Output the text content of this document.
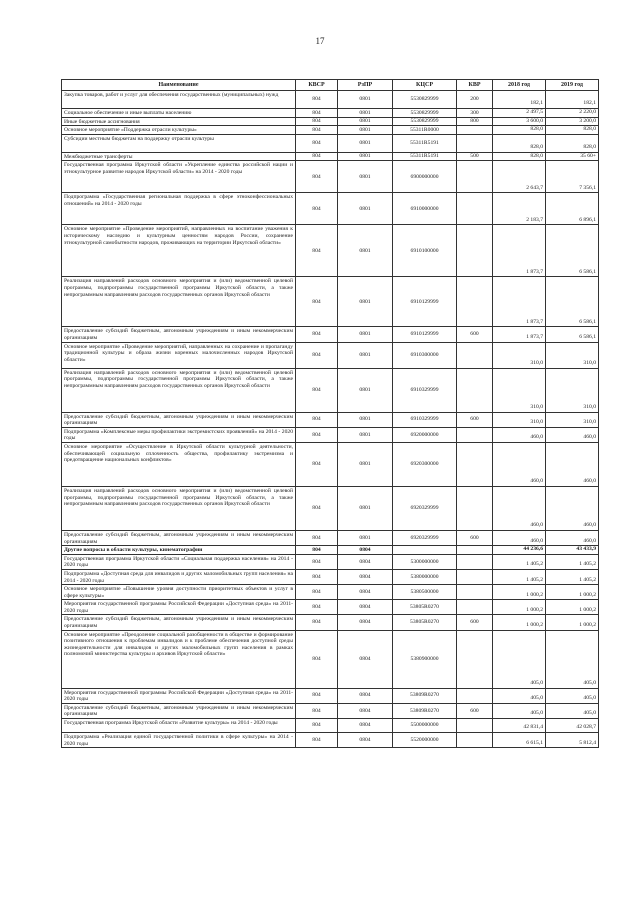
17
Наименование	КВСР	РзПР	КЦСР	КВР	2018 год	2019 год
Закупка товаров, работ и услуг для обеспечения государственных (муниципальных) нужд	804	0801	5530829999	200	182,1	182,1
Социальное обеспечение и иные выплаты населению	804	0801	5530829999	300	2 497,5	2 220,0
Иные бюджетные ассигнования	804	0801	5530829999	800	3 600,0	3 200,0
Основное мероприятие «Поддержка отрасли культуры»	804	0801	55311R0000		828,0	828,0
Субсидии местным бюджетам на поддержку отрасли культуры	804	0801	55311R5191		828,0	828,0
Межбюджетные трансферты	804	0801	55311R5191	500	828,0	35 60+
Государственная программа Иркутской области «Укрепление единства российской нации и этнокультурное развитие народов Иркутской области» на 2014 - 2020 годы	804	0801	6900000000		2 643,7	7 356,1
Подпрограмма «Государственная региональная поддержка в сфере этноконфессиональных отношений» на 2014 - 2020 годы	804	0801	6910000000		2 183,7	6 896,1
Основное мероприятие «Проведение мероприятий, направленных на воспитание уважения к историческому наследию и культурным ценностям народов России, сохранение этнокультурной самобытности народов, проживающих на территории Иркутской области»	804	0801	6910100000		1 873,7	6 586,1
Реализация направлений расходов основного мероприятия и (или) ведомственной целевой программы, подпрограммы государственной программы Иркутской области, а также непрограммным направлениям расходов государственных органов Иркутской области	804	0801	6910129999		1 873,7	6 586,1
Предоставление субсидий бюджетным, автономным учреждениям и иным некоммерческим организациям	804	0801	6910129999	600	1 873,7	6 586,1
Основное мероприятие «Проведение мероприятий, направленных на сохранение и пропаганду традиционной культуры и образа жизни коренных малочисленных народов Иркутской области»	804	0801	6910300000		310,0	310,0
Реализация направлений расходов основного мероприятия и (или) ведомственной целевой программы, подпрограммы государственной программы Иркутской области, а также непрограммным направлениям расходов государственных органов Иркутской области	804	0801	6910329999		310,0	310,0
Предоставление субсидий бюджетным, автономным учреждениям и иным некоммерческим организациям	804	0801	6910329999	600	310,0	310,0
Подпрограмма «Комплексные меры профилактики экстремистских проявлений» на 2014 - 2020 годы	804	0801	6920000000		460,0	460,0
Основное мероприятие «Осуществление в Иркутской области культурной деятельности, обеспечивающей социальную сплоченность общества, профилактику экстремизма и предотвращение национальных конфликтов»	804	0801	6920300000		460,0	460,0
Реализация направлений расходов основного мероприятия и (или) ведомственной целевой программы, подпрограммы государственной программы Иркутской области, а также непрограммным направлениям расходов государственных органов Иркутской области	804	0801	6920329999		460,0	460,0
Предоставление субсидий бюджетным, автономным учреждениям и иным некоммерческим организациям	804	0801	6920329999	600	460,0	460,0
Другие вопросы в области культуры, кинематографии	804	0804			44 236,6	43 433,9
Государственная программа Иркутской области «Социальная поддержка населения» на 2014 - 2020 годы	804	0804	5300000000		1 405,2	1 405,2
Подпрограмма «Доступная среда для инвалидов и других маломобильных групп населения» на 2014 - 2020 годы	804	0804	5380000000		1 405,2	1 405,2
Основное мероприятие «Повышение уровня доступности приоритетных объектов и услуг в сфере культуры»	804	0804	5380500000		1 000,2	1 000,2
Мероприятия государственной программы Российской Федерации «Доступная среда» на 2011-2020 годы	804	0804	53805R0270		1 000,2	1 000,2
Предоставление субсидий бюджетным, автономным учреждениям и иным некоммерческим организациям	804	0804	53805R0270	600	1 000,2	1 000,2
Основное мероприятие «Преодоление социальной разобщенности в обществе и формирование позитивного отношения к проблемам инвалидов и к проблеме обеспечения доступной среды жизнедеятельности для инвалидов и других маломобильных групп населения в рамках полномочий министерства культуры и архивов Иркутской области»	804	0804	5380900000		405,0	405,0
Мероприятия государственной программы Российской Федерации «Доступная среда» на 2011-2020 годы	804	0804	53809R0270		405,0	405,0
Предоставление субсидий бюджетным, автономным учреждениям и иным некоммерческим организациям	804	0804	53809R0270	600	405,0	405,0
Государственная программа Иркутской области «Развитие культуры» на 2014 - 2020 годы	804	0804	5500000000		42 831,4	42 028,7
Подпрограмма «Реализация единой государственной политики в сфере культуры» на 2014 - 2020 годы	804	0804	5520000000		6 615,1	5 812,4
